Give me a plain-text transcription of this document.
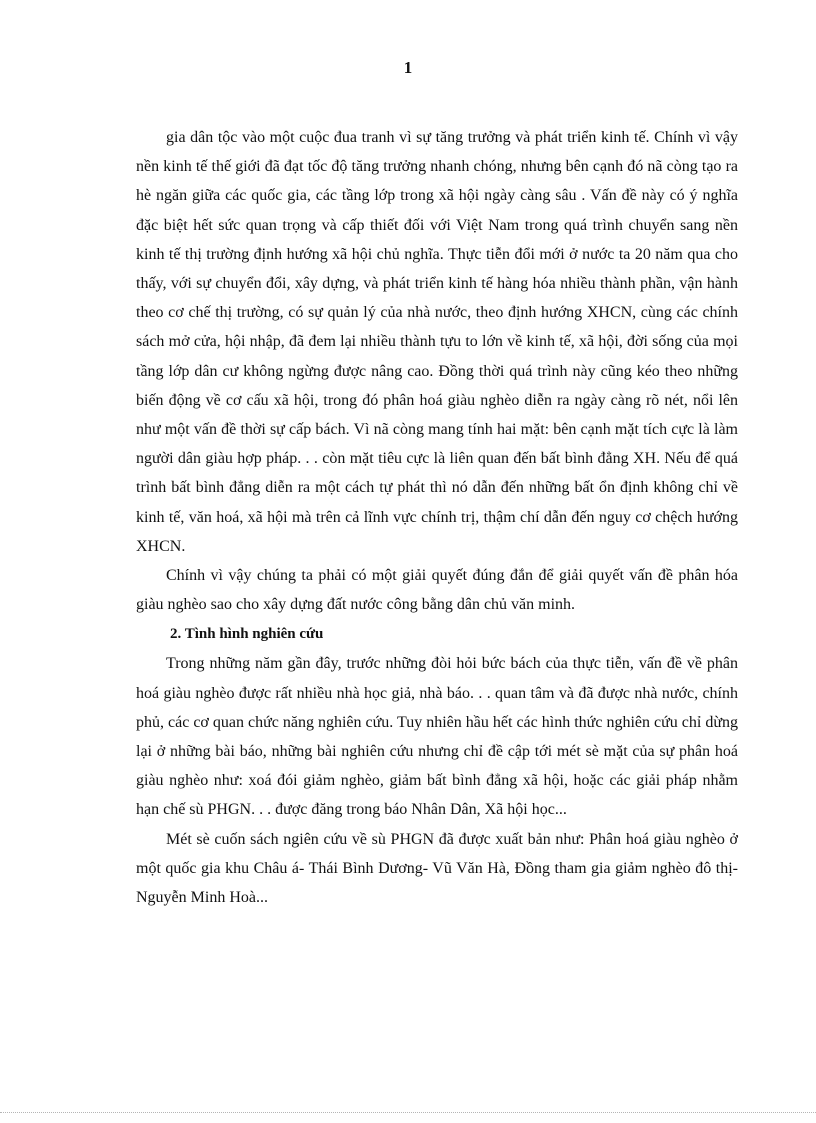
1

gia dân tộc vào một cuộc đua tranh vì sự tăng trưởng và phát triển kinh tế. Chính vì vậy nền kinh tế thế giới đã đạt tốc độ tăng trưởng nhanh chóng, nhưng bên cạnh đó nã còng tạo ra hè ngăn giữa các quốc gia, các tầng lớp trong xã hội ngày càng sâu . Vấn đề này có ý nghĩa đặc biệt hết sức quan trọng và cấp thiết đối với Việt Nam trong quá trình chuyển sang nền kinh tế thị trường định hướng xã hội chủ nghĩa. Thực tiễn đổi mới ở nước ta 20 năm qua cho thấy, với sự chuyển đổi, xây dựng, và phát triển kinh tế hàng hóa nhiều thành phần, vận hành theo cơ chế thị trường, có sự quản lý của nhà nước, theo định hướng XHCN, cùng các chính sách mở cửa, hội nhập, đã đem lại nhiều thành tựu to lớn về kinh tế, xã hội, đời sống của mọi tầng lớp dân cư không ngừng được nâng cao. Đồng thời quá trình này cũng kéo theo những biến động về cơ cấu xã hội, trong đó phân hoá giàu nghèo diễn ra ngày càng rõ nét, nổi lên như một vấn đề thời sự cấp bách. Vì nã còng mang tính hai mặt: bên cạnh mặt tích cực là làm người dân giàu hợp pháp. . . còn mặt tiêu cực là liên quan đến bất bình đẳng XH. Nếu để quá trình bất bình đẳng diễn ra một cách tự phát thì nó dẫn đến những bất ổn định không chỉ về kinh tế, văn hoá, xã hội mà trên cả lĩnh vực chính trị, thậm chí dẫn đến nguy cơ chệch hướng XHCN.

Chính vì vậy chúng ta phải có một giải quyết đúng đắn để giải quyết vấn đề phân hóa giàu nghèo sao cho xây dựng đất nước công bằng dân chủ văn minh.

2. Tình hình nghiên cứu

Trong những năm gần đây, trước những đòi hỏi bức bách của thực tiễn, vấn đề về phân hoá giàu nghèo được rất nhiều nhà học giả, nhà báo. . . quan tâm và đã được nhà nước, chính phủ, các cơ quan chức năng nghiên cứu. Tuy nhiên hầu hết các hình thức nghiên cứu chỉ dừng lại ở những bài báo, những bài nghiên cứu nhưng chỉ đề cập tới mét sè mặt của sự phân hoá giàu nghèo như: xoá đói giảm nghèo, giảm bất bình đẳng xã hội, hoặc các giải pháp nhằm hạn chế sù PHGN. . . được đăng trong báo Nhân Dân, Xã hội học...

Mét sè cuốn sách ngiên cứu về sù PHGN đã được xuất bản như: Phân hoá giàu nghèo ở một quốc gia khu Châu á- Thái Bình Dương- Vũ Văn Hà, Đồng tham gia giảm nghèo đô thị- Nguyễn Minh Hoà...
